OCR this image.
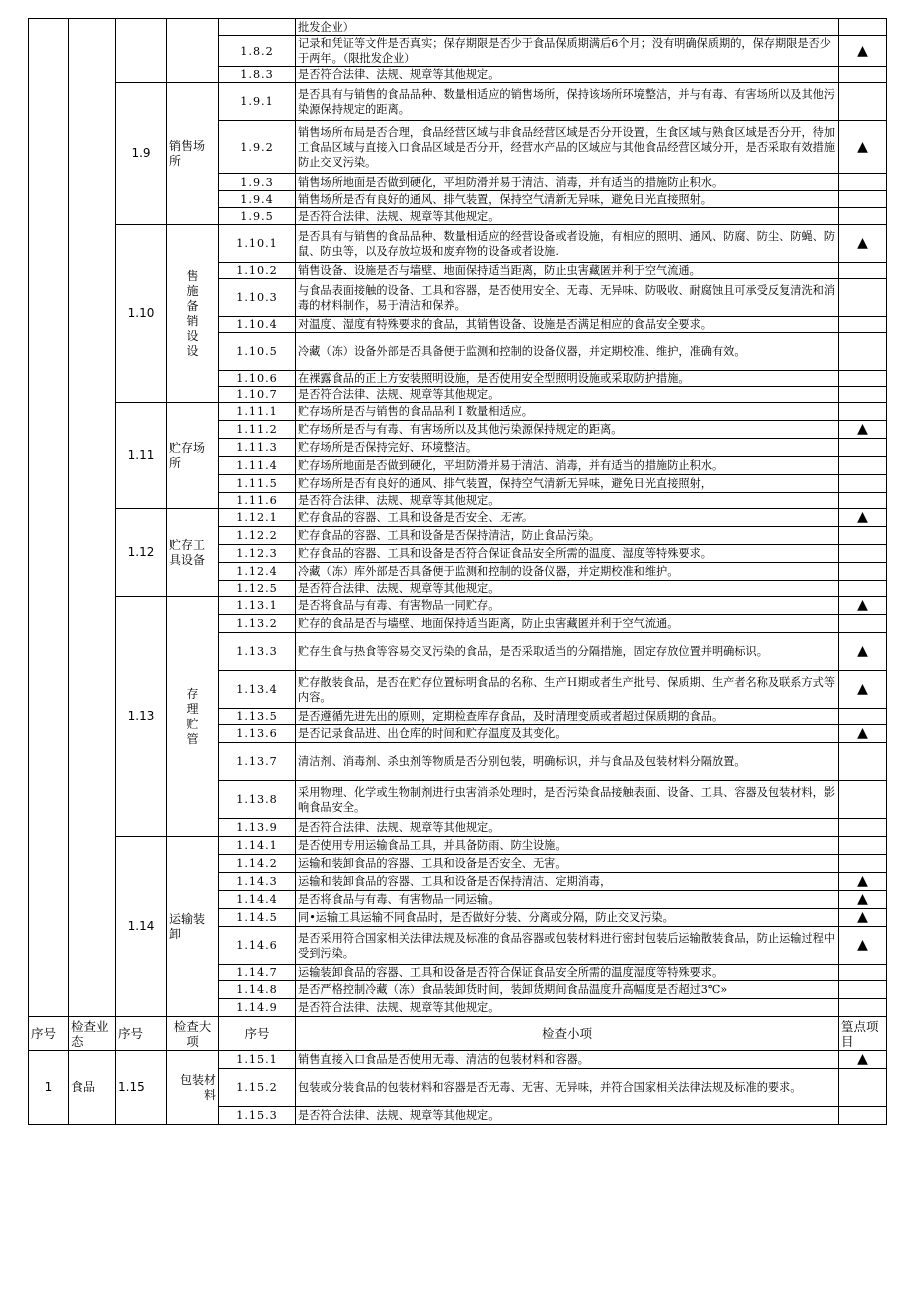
					批发企业）	
				1.8.2	记录和凭证等文件是否真实；保存期限是否少于食品保质期满后6个月；没有明确保质期的，保存期限是否少于两年。（限批发企业）	▲
				1.8.3	是否符合法律、法规、规章等其他规定。	
		1.9	销售场所	1.9.1	是否具有与销售的食品品种、数量相适应的销售场所，保持该场所环境整洁，并与有毒、有害场所以及其他污染源保持规定的距离。	
				1.9.2	销售场所布局是否合理，食品经营区域与非食品经营区域是否分开设置，生食区域与熟食区域是否分开，待加工食品区域与直接入口食品区域是否分开，经营水产品的区域应与其他食品经营区域分开，是否采取有效措施防止交叉污染。	▲
				1.9.3	销售场所地面是否做到硬化，平坦防滑并易于清洁、消毒，并有适当的措施防止积水。	
				1.9.4	销售场所是否有良好的通风、排气装置，保持空气清新无异味，避免日光直接照射。	
				1.9.5	是否符合法律、法规、规章等其他规定。	
		1.10	售施备销设设	1.10.1	是否具有与销售的食品品种、数量相适应的经营设备或者设施，有相应的照明、通风、防腐、防尘、防蝇、防鼠、防虫等，以及存放垃圾和废弃物的设备或者设施.	▲
				1.10.2	销售设备、设施是否与墙壁、地面保持适当距离，防止虫害藏匿并利于空气流通。	
				1.10.3	与食品表面接触的设备、工具和容器，是否使用安全、无毒、无异味、防吸收、耐腐蚀且可承受反复清洗和消毒的材料制作，易于清洁和保养。	
				1.10.4	对温度、湿度有特殊要求的食品，其销售设备、设施是否满足相应的食品安全要求。	
				1.10.5	冷藏（冻）设备外部是否具备便于监测和控制的设备仪器，并定期校准、维护，准确有效。	
				1.10.6	在裸露食品的正上方安装照明设施，是否使用安全型照明设施或采取防护措施。	
				1.10.7	是否符合法律、法规、规章等其他规定。	
		1.11	贮存场所	1.11.1	贮存场所是否与销售的食品品利Ｉ数量相适应。	
				1.11.2	贮存场所是否与有毒、有害场所以及其他污染源保持规定的距离。	▲
				1.11.3	贮存场所是否保持完好、环境整洁。	
				1.11.4	贮存场所地面是否做到硬化，平坦防滑并易于清洁、消毒，并有适当的措施防止积水。	
				1.11.5	贮存场所是否有良好的通风、排气装置，保持空气清新无异味，避免日光直接照射，	
				1.11.6	是否符合法律、法规、规章等其他规定。	
		1.12	贮存工具设备	1.12.1	贮存食品的容器、工具和设备是否安全、无害。	▲
				1.12.2	贮存食品的容器、工具和设备是否保持清洁，防止食品污染。	
				1.12.3	贮存食品的容器、工具和设备是否符合保证食品安全所需的温度、湿度等特殊要求。	
				1.12.4	冷藏（冻）库外部是否具备便于监测和控制的设备仪器，并定期校准和维护。	
				1.12.5	是否符合法律、法规、规章等其他规定。	
		1.13	存理贮管	1.13.1	是否将食品与有毒、有害物品一同贮存。	▲
				1.13.2	贮存的食品是否与墙壁、地面保持适当距离，防止虫害藏匿并利于空气流通。	
				1.13.3	贮存生食与热食等容易交叉污染的食品，是否采取适当的分隔措施，固定存放位置并明确标识。	▲
				1.13.4	贮存散装食品，是否在贮存位置标明食品的名称、生产Ｈ期或者生产批号、保质期、生产者名称及联系方式等内容。	▲
				1.13.5	是否遵循先进先出的原则，定期检查库存食品，及时清理变质或者超过保质期的食品。	
				1.13.6	是否记录食品进、出仓库的时间和贮存温度及其变化。	▲
				1.13.7	清洁剂、消毒剂、杀虫剂等物质是否分别包装，明确标识，并与食品及包装材料分隔放置。	
				1.13.8	采用物理、化学或生物制剂进行虫害消杀处理时，是否污染食品接触表面、设备、工具、容器及包装材料，影响食品安全。	
				1.13.9	是否符合法律、法规、规章等其他规定。	
		1.14	运输装卸	1.14.1	是否使用专用运输食品工具，并具备防雨、防尘设施。	
				1.14.2	运输和装卸食品的容器、工具和设备是否安全、无害。	
				1.14.3	运输和装卸食品的容器、工具和设备是否保持清洁、定期消毒，	▲
				1.14.4	是否将食品与有毒、有害物品一同运输。	▲
				1.14.5	同•运输工具运输不同食品时，是否做好分装、分离或分隔，防止交叉污染。	▲
				1.14.6	是否采用符合国家相关法律法规及标准的食品容器或包装材料进行密封包装后运输散装食品，防止运输过程中受到污染。	▲
				1.14.7	运输装卸食品的容器、工具和设备是否符合保证食品安全所需的温度湿度等特殊要求。	
				1.14.8	是否严格控制冷藏（冻）食品装卸货时间，装卸货期间食品温度升高幅度是否超过3℃»	
				1.14.9	是否符合法律、法规、规章等其他规定。	
序号	检查业态	序号	检查大项	序号	检查小项	篁点项目
1	食品	1.15	包装材料	1.15.1	销售直接入口食品是否使用无毒、清洁的包装材料和容器。	▲
				1.15.2	包装或分装食品的包装材料和容器是否无毒、无害、无异味，并符合国家相关法律法规及标准的要求。	
				1.15.3	是否符合法律、法规、规章等其他规定。	
